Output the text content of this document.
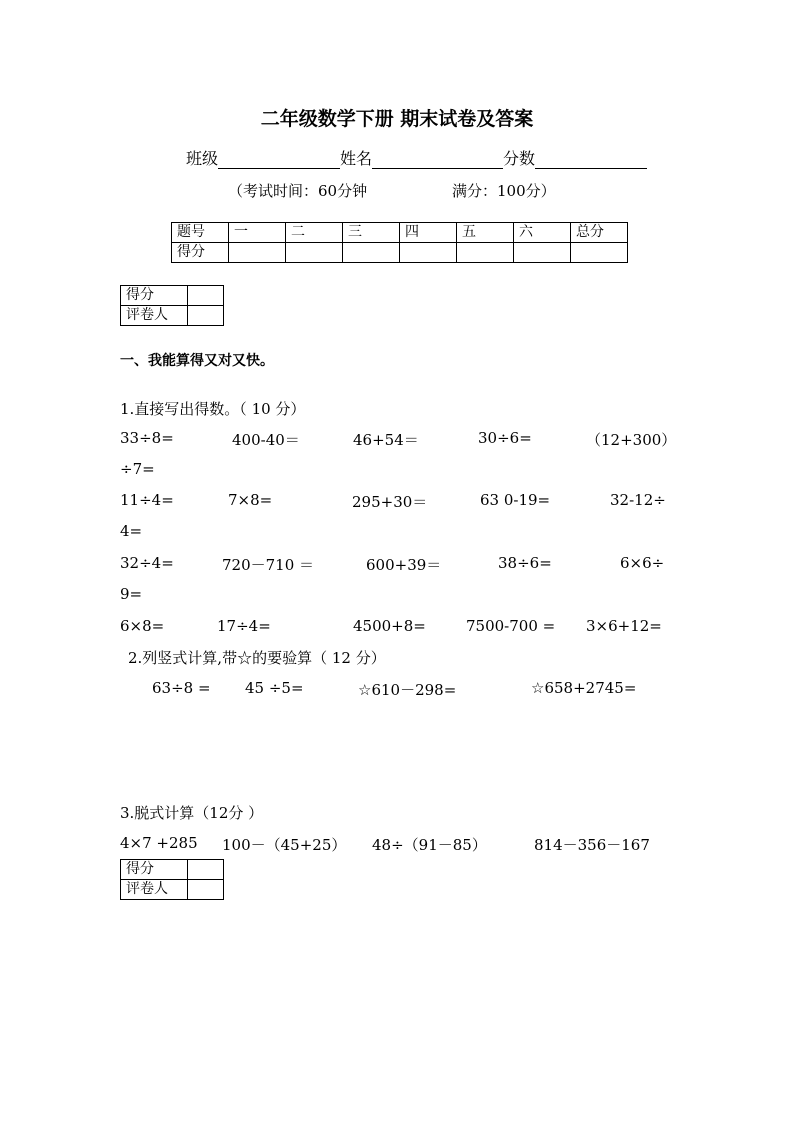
二年级数学下册 期末试卷及答案
班级	姓名	分数
（考试时间：60分钟	满分：100分）
题号	一	二	三	四	五	六	总分
得分							
得分	
评卷人	
一、我能算得又对又快。
1.直接写出得数。（ 10 分）
33÷8=	400-40＝	46+54＝	30÷6=	（12+300）
÷7=
11÷4=	7×8=	295+30＝	63 0-19=	32-12÷
4=
32÷4=	720－710 ＝	600+39＝	38÷6=	6×6÷
9=
6×8=	17÷4=	4500+8=	7500-700 = 3×6+12=
2.列竖式计算,带☆的要验算（ 12 分）
63÷8 = 45 ÷5=	☆610－298=	☆658+2745=
3.脱式计算（12分 ）
4×7 +285 100－（45+25） 48÷（91－85）	814－356－167
得分	
评卷人	
